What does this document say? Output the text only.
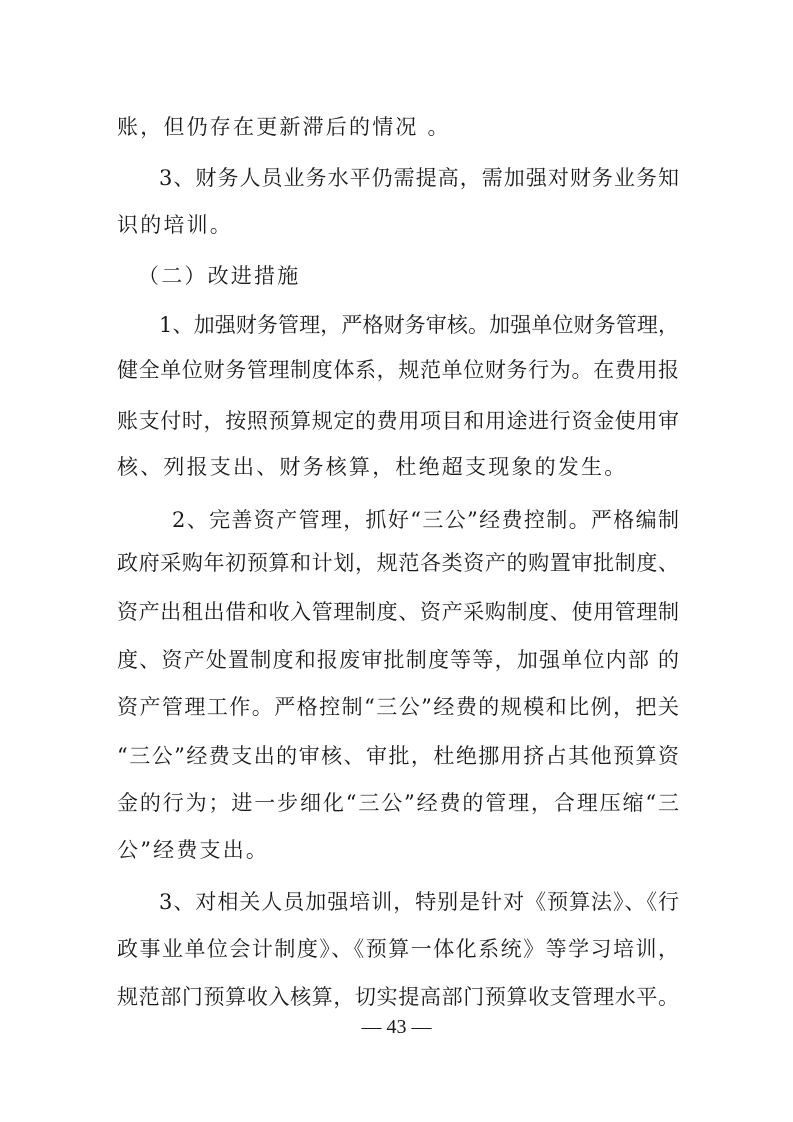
账，但仍存在更新滞后的情况 。

3、财务人员业务水平仍需提高，需加强对财务业务知

识的培训。

（二）改进措施

1、加强财务管理，严格财务审核。加强单位财务管理，

健全单位财务管理制度体系，规范单位财务行为。在费用报

账支付时，按照预算规定的费用项目和用途进行资金使用审

核、列报支出、财务核算，杜绝超支现象的发生。

2、完善资产管理，抓好“三公”经费控制。严格编制

政府采购年初预算和计划，规范各类资产的购置审批制度、

资产出租出借和收入管理制度、资产采购制度、使用管理制

度、资产处置制度和报废审批制度等等，加强单位内部 的

资产管理工作。严格控制“三公”经费的规模和比例，把关

“三公”经费支出的审核、审批，杜绝挪用挤占其他预算资

金的行为；进一步细化“三公”经费的管理，合理压缩“三

公”经费支出。

3、对相关人员加强培训，特别是针对《预算法》、《行

政事业单位会计制度》、《预算一体化系统》等学习培训，

规范部门预算收入核算，切实提高部门预算收支管理水平。

— 43 —
